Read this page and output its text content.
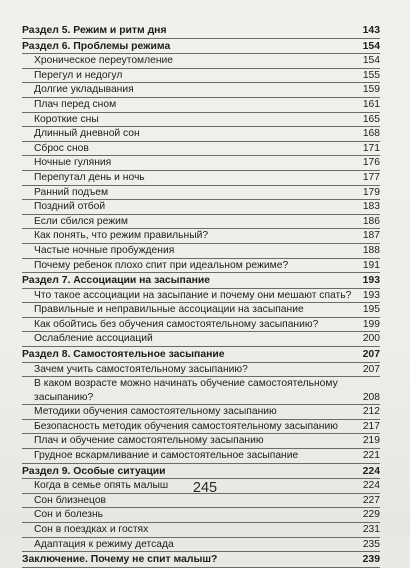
Раздел 5. Режим и ритм дня	143
Раздел 6. Проблемы режима	154
Хроническое переутомление	154
Перегул и недогул	155
Долгие укладывания	159
Плач перед сном	161
Короткие сны	165
Длинный дневной сон	168
Сброс снов	171
Ночные гуляния	176
Перепутал день и ночь	177
Ранний подъем	179
Поздний отбой	183
Если сбился режим	186
Как понять, что режим правильный?	187
Частые ночные пробуждения	188
Почему ребенок плохо спит при идеальном режиме?	191
Раздел 7. Ассоциации на засыпание	193
Что такое ассоциации на засыпание и почему они мешают спать?	193
Правильные и неправильные ассоциации на засыпание	195
Как обойтись без обучения самостоятельному засыпанию?	199
Ослабление ассоциаций	200
Раздел 8. Самостоятельное засыпание	207
Зачем учить самостоятельному засыпанию?	207
В каком возрасте можно начинать обучение самостоятельному засыпанию?	208
Методики обучения самостоятельному засыпанию	212
Безопасность методик обучения самостоятельному засыпанию	217
Плач и обучение самостоятельному засыпанию	219
Грудное вскармливание и самостоятельное засыпание	221
Раздел 9. Особые ситуации	224
Когда в семье опять малыш	224
Сон близнецов	227
Сон и болезнь	229
Сон в поездках и гостях	231
Адаптация к режиму детсада	235
Заключение. Почему не спит малыш?	239
245
